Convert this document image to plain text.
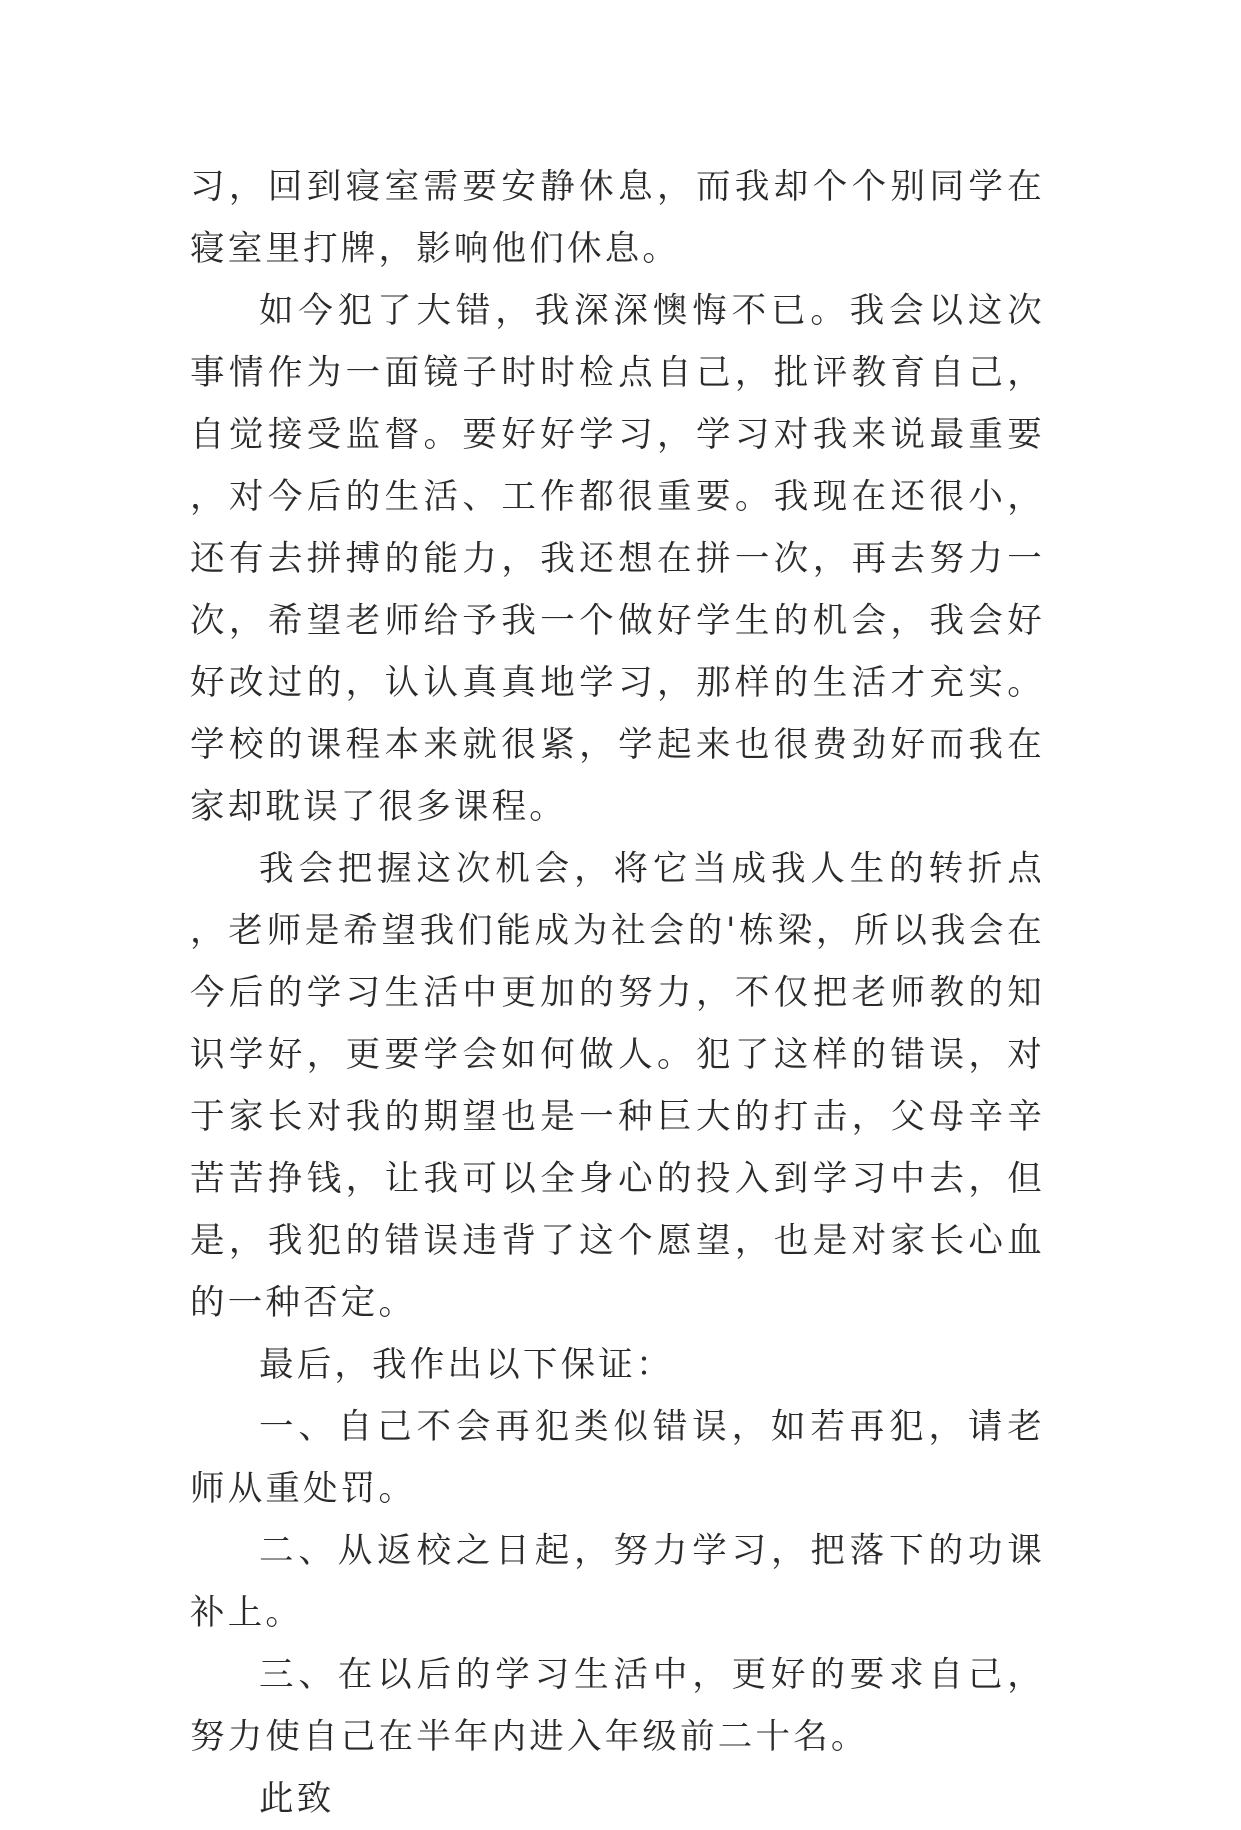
习，回到寝室需要安静休息，而我却个个别同学在寝室里打牌，影响他们休息。

如今犯了大错，我深深懊悔不已。我会以这次事情作为一面镜子时时检点自己，批评教育自己，自觉接受监督。要好好学习，学习对我来说最重要，对今后的生活、工作都很重要。我现在还很小，还有去拼搏的能力，我还想在拼一次，再去努力一次，希望老师给予我一个做好学生的机会，我会好好改过的，认认真真地学习，那样的生活才充实。学校的课程本来就很紧，学起来也很费劲好而我在家却耽误了很多课程。

我会把握这次机会，将它当成我人生的转折点，老师是希望我们能成为社会的'栋梁，所以我会在今后的学习生活中更加的努力，不仅把老师教的知识学好，更要学会如何做人。犯了这样的错误，对于家长对我的期望也是一种巨大的打击，父母辛辛苦苦挣钱，让我可以全身心的投入到学习中去，但是，我犯的错误违背了这个愿望，也是对家长心血的一种否定。

最后，我作出以下保证：

一、自己不会再犯类似错误，如若再犯，请老师从重处罚。

二、从返校之日起，努力学习，把落下的功课补上。

三、在以后的学习生活中，更好的要求自己，努力使自己在半年内进入年级前二十名。

此致
